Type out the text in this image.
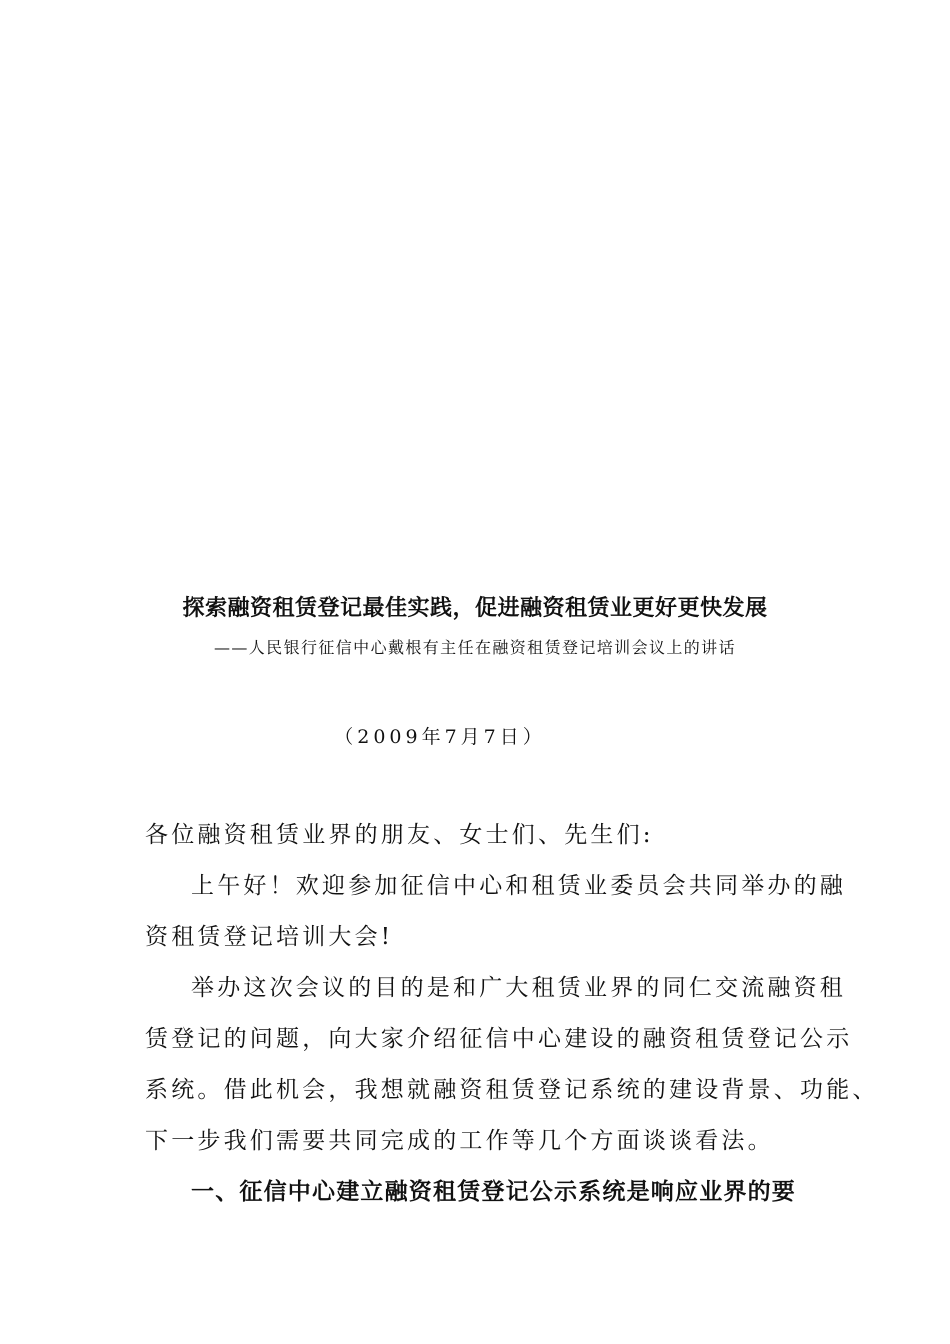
探索融资租赁登记最佳实践，促进融资租赁业更好更快发展
——人民银行征信中心戴根有主任在融资租赁登记培训会议上的讲话
（2009年7月7日）
各位融资租赁业界的朋友、女士们、先生们:
上午好！欢迎参加征信中心和租赁业委员会共同举办的融
资租赁登记培训大会!
举办这次会议的目的是和广大租赁业界的同仁交流融资租
赁登记的问题，向大家介绍征信中心建设的融资租赁登记公示
系统。借此机会，我想就融资租赁登记系统的建设背景、功能、
下一步我们需要共同完成的工作等几个方面谈谈看法。
一、征信中心建立融资租赁登记公示系统是响应业界的要
